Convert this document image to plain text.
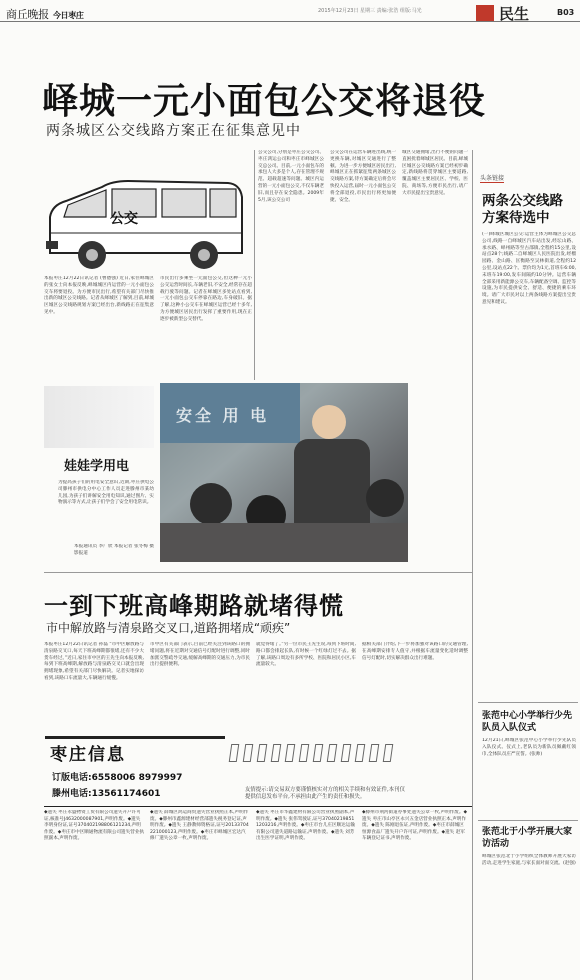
商丘晚报 今日枣庄	2015年12月23日 星期三 责编:张浩 组版:马光	民生	B03
峄城一元小面包公交将退役
两条城区公交线路方案正在征集意见中
公交
本报枣庄12月22日讯记者 (曹德强) 近日,家住峄城区的张女士向本报反映,峄城城区内运营的一元小面包公交车将要退役。为方便市民出行,希望有关部门尽快推出新的城区公交线路。记者从峄城区了解到,目前,峄城区城区公交线路规划方案已经出台,新线路正在征集意见中。
市民出行多乘坐一元面包公交,但这种一元小公交运营时间长,车辆老旧,不安全,经常存在超载行驶等问题。记者在峄城区多处站点看到,一元小面包公交车停靠在路边,车身破旧。据了解,这种小公交车在峄城区运营已经十多年,为方便城区居民出行发挥了重要作用,现在正逐步被新型公交替代。
公交公司,分别是枣庄公交公司、枣庄鸿运公司和枣庄市峄城区公交总公司。目前,一元小面包车的承包人大多是个人,存在管理不规范、超载超速等问题。城区内运营的一元小面包公交,不仅车辆老旧,而且存在安全隐患。2009年5月,该公交公司
公交公司在运营车辆进出线,统一更换车辆,对城区交通进行了整顿。为进一步方便城区居民出行,峄城区正在抓紧征集两条城区公交线路方案,待方案确定后将会尽快投入运营,届时一元小面包公交将全部退役,市民出行将更加便捷、安全。
城区交通拥堵,出行不便的问题一直困扰着峄城区居民。目前,峄城区城区公交线路方案已经初步确定,新线路将贯穿城区主要道路,覆盖城区主要居民区、学校、医院、商场等,方便市民出行,请广大市民提出宝贵意见。
娃娃学用电
为提高孩子们的用电安全意识,近期,枣庄供电公司滕州市供电分中心工作人员走进滕州市某幼儿园,为孩子们讲解安全用电知识,通过图片、实物演示等方式,让孩子们学会了安全用电常识。
本报通讯员 李广欣 本报记者 张冬梅 摄影报道
安全 用 电
一到下班高峰期路就堵得慌
市中解放路与清泉路交叉口,道路拥堵成“顽疾”
本报枣庄12月22日讯记者 孙磊 “市中区解放路与清泉路交叉口,每天下班高峰期都很堵,还有不少大货车经过。”近日,家住市中区的王先生向本报反映,每到下班高峰期,解放路与清泉路交叉口就会出现拥堵现象,希望有关部门尽快解决。记者实地探访看到,该路口车流量大,车辆通行缓慢。
市中区有关部门表示,目前已经关注到该路口的拥堵问题,将在近期对交通信号灯配时进行调整,同时加派交警疏导交通,缓解高峰期的交通压力,为市民出行提供便利。
就觉得堵了。”另一位市民王先生说,每到下班时间,路口都会排起长队,有时候一个红绿灯过不去。据了解,该路口周边有多所学校、医院和居民小区,车流量较大。
据相关部门介绍,下一步将加强对该路口的交通管理,在高峰期安排专人值守,并根据车流量变化适时调整信号灯配时,切实解决群众出行难题。
枣庄信息
订版电话:6558006 8979997
滕州电话:13561174601	友情提示:请交易双方要谨慎核实对方的相关手续和有效证件,本刊仅提供信息发布平台,不承担由此产生的责任和损失。
◆遗失 枣庄永盛物资工贸有限公司遗失开户许可证,核准号J4632000087901,声明作废。◆遗失 李明身份证,证号370402198806121234,声明作废。◆枣庄市中区顺通物流有限公司遗失营业执照副本,声明作废。
◆遗失 薛城区鸿运商贸遗失营业执照正本,声明作废。◆滕州市鑫源建材经营部遗失税务登记证,声明作废。◆遗失 王静教师资格证,证号20133704221000123,声明作废。◆枣庄市峄城区宏达汽修厂遗失公章一枚,声明作废。
◆遗失 枣庄市华鑫建材有限公司营业执照副本,声明作废。◆遗失 张伟驾驶证,证号370402198511203216,声明作废。◆枣庄市台儿庄区顺达运输有限公司遗失道路运输证,声明作废。◆遗失 刘芳出生医学证明,声明作废。
◆滕州市荆河街道办事处遗失公章一枚,声明作废。◆遗失 枣庄市山亭区永兴五金店营业执照正本,声明作废。◆遗失 陈刚退伍证,声明作废。◆枣庄市薛城区恒源食品厂遗失开户许可证,声明作废。◆遗失 赵军车辆登记证书,声明作废。
头条链接
两条公交线路方案待选中
(一)峄城区城区公交:运营主体为峄城区公交总公司,线路一自峄城区汽车站出发,经坛山路、承水路、峄州路等至古邵镇,全程约15公里,设站点28个;线路二自峄城区人民医院出发,经榴园路、金山路、匡衡路至吴林街道,全程约12公里,设站点22个。票价均为1元,首班车6:00,末班车19:00,发车间隔约10分钟。运营车辆全部采用新能源公交车,车辆配备空调、监控等设施,为市民提供安全、舒适、便捷的乘车环境。请广大市民对以上两条线路方案提出宝贵意见和建议。
张范中心小学举行少先队员入队仪式
12月21日,峄城区张范中心小学举行少先队员入队仪式。仪式上,老队员为新队员佩戴红领巾,全体队员庄严宣誓。(张帅)
张范北于小学开展大家访活动
峄城区张范北于小学组织全体教师开展大家访活动,走进学生家庭,与家长面对面交流。(赵强)
